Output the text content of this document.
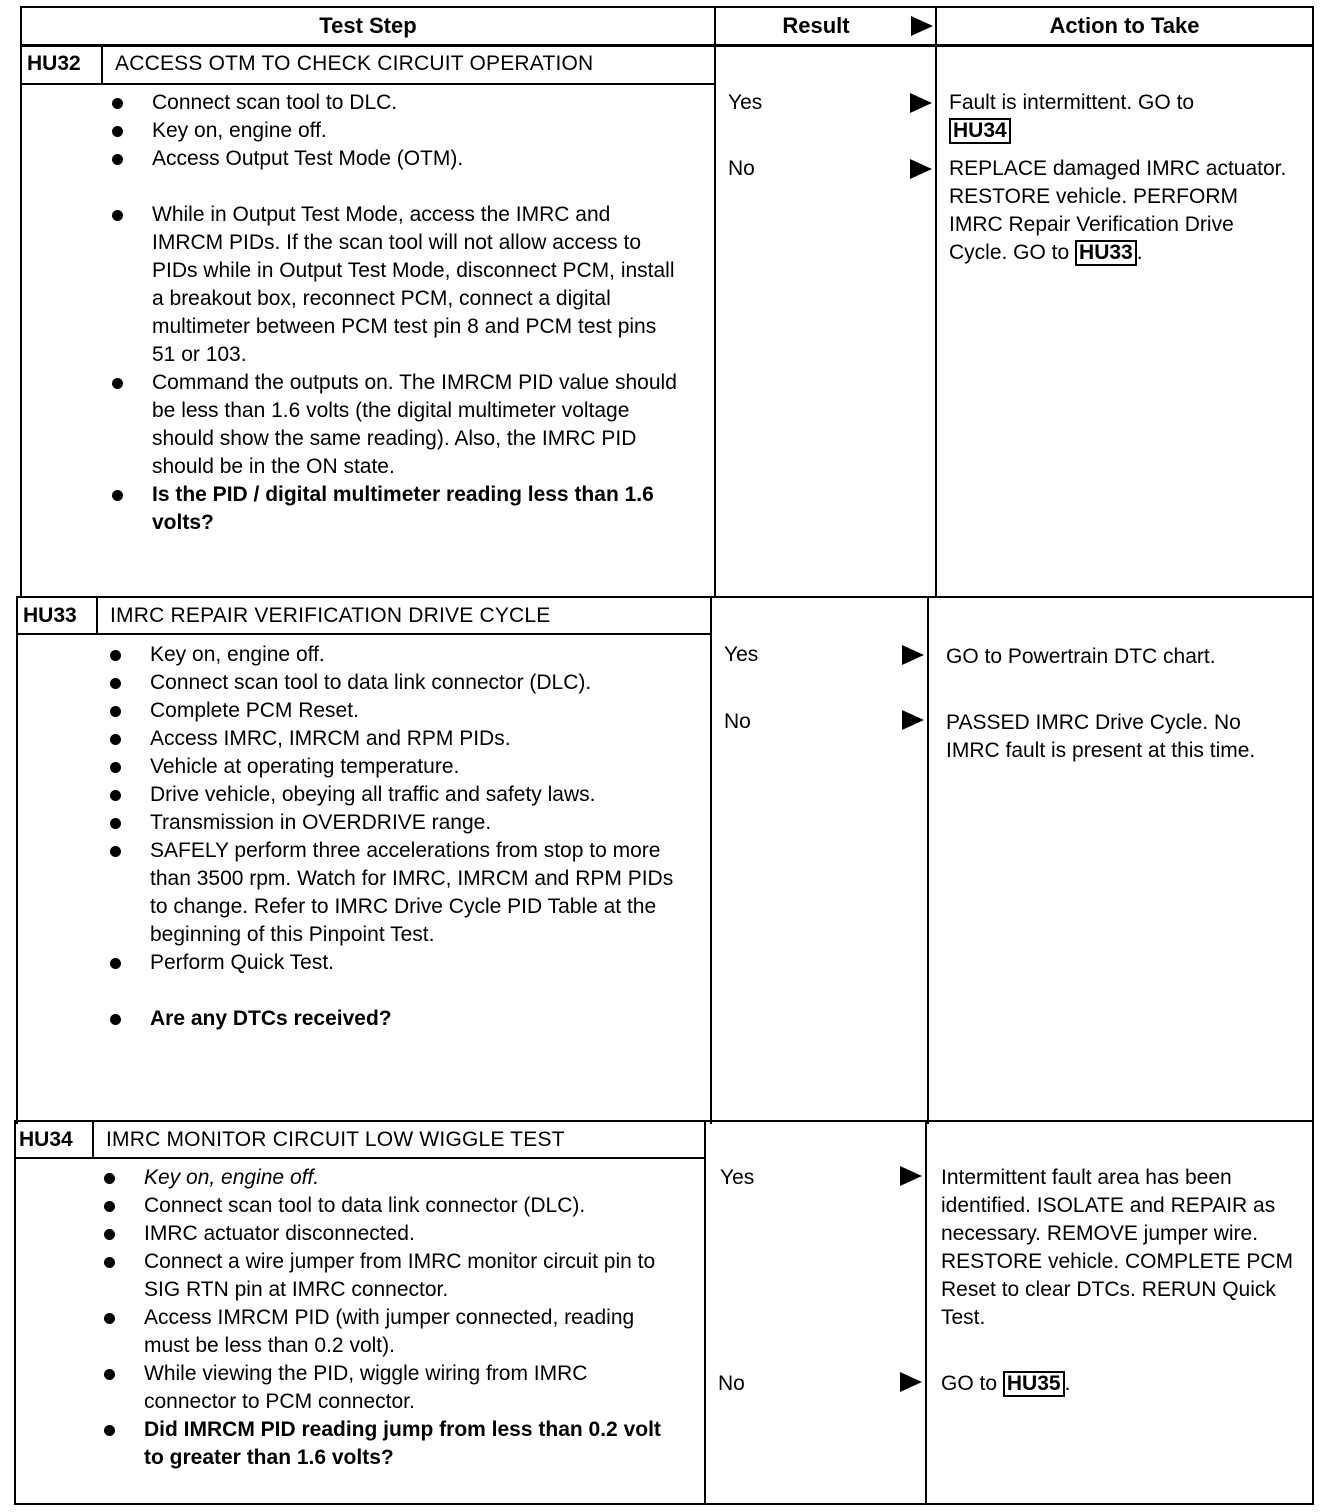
Test Step	Result	Action to Take
HU32 ACCESS OTM TO CHECK CIRCUIT OPERATION
Connect scan tool to DLC.
Key on, engine off.
Access Output Test Mode (OTM).
While in Output Test Mode, access the IMRC and IMRCM PIDs. If the scan tool will not allow access to PIDs while in Output Test Mode, disconnect PCM, install a breakout box, reconnect PCM, connect a digital multimeter between PCM test pin 8 and PCM test pins 51 or 103.
Command the outputs on. The IMRCM PID value should be less than 1.6 volts (the digital multimeter voltage should show the same reading). Also, the IMRC PID should be in the ON state.
Is the PID / digital multimeter reading less than 1.6 volts?
Yes
No
Fault is intermittent. GO to
HU34
REPLACE damaged IMRC actuator. RESTORE vehicle. PERFORM IMRC Repair Verification Drive Cycle. GO to HU33 .
HU33 IMRC REPAIR VERIFICATION DRIVE CYCLE
Key on, engine off.
Connect scan tool to data link connector (DLC).
Complete PCM Reset.
Access IMRC, IMRCM and RPM PIDs.
Vehicle at operating temperature.
Drive vehicle, obeying all traffic and safety laws.
Transmission in OVERDRIVE range.
SAFELY perform three accelerations from stop to more than 3500 rpm. Watch for IMRC, IMRCM and RPM PIDs to change. Refer to IMRC Drive Cycle PID Table at the beginning of this Pinpoint Test.
Perform Quick Test.
Are any DTCs received?
Yes
No
GO to Powertrain DTC chart.
PASSED IMRC Drive Cycle. No IMRC fault is present at this time.
HU34 IMRC MONITOR CIRCUIT LOW WIGGLE TEST
Key on, engine off.
Connect scan tool to data link connector (DLC).
IMRC actuator disconnected.
Connect a wire jumper from IMRC monitor circuit pin to SIG RTN pin at IMRC connector.
Access IMRCM PID (with jumper connected, reading must be less than 0.2 volt).
While viewing the PID, wiggle wiring from IMRC connector to PCM connector.
Did IMRCM PID reading jump from less than 0.2 volt to greater than 1.6 volts?
Yes
No
Intermittent fault area has been identified. ISOLATE and REPAIR as necessary. REMOVE jumper wire. RESTORE vehicle. COMPLETE PCM Reset to clear DTCs. RERUN Quick Test.
GO to HU35 .
